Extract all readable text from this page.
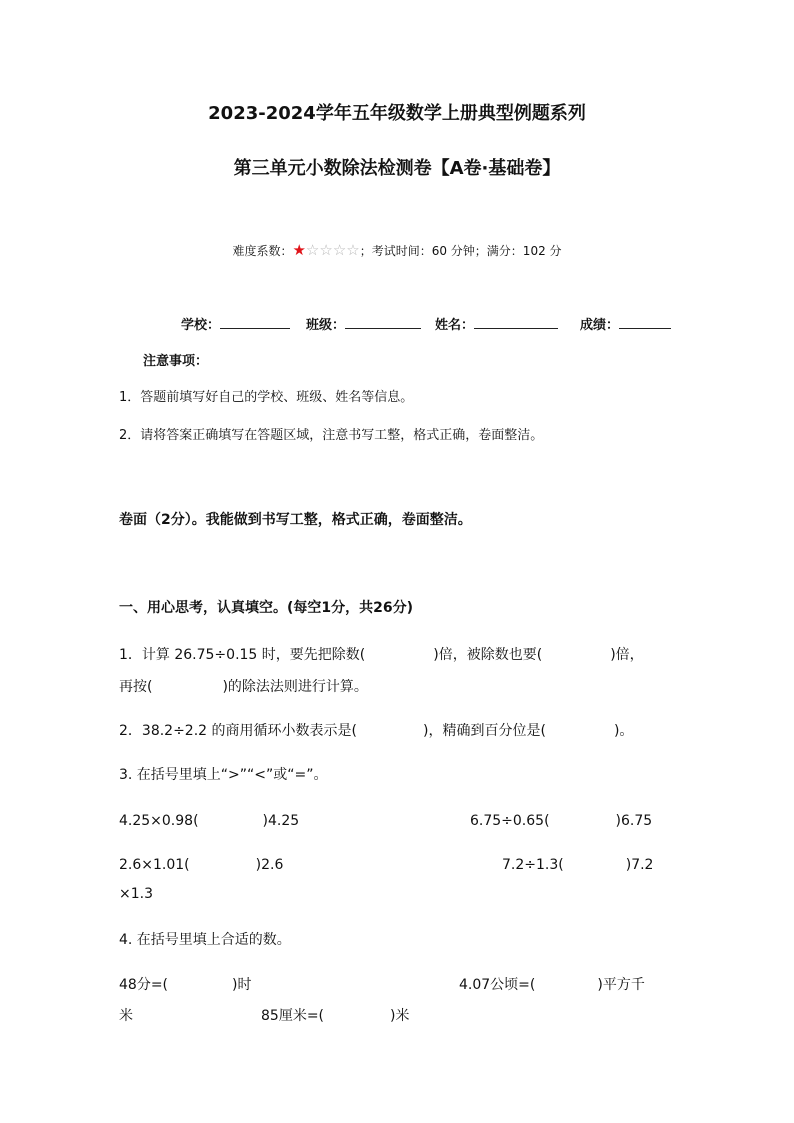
2023-2024学年五年级数学上册典型例题系列
第三单元小数除法检测卷【A卷·基础卷】
难度系数：★☆☆☆☆；考试时间：60 分钟；满分：102 分
学校：	班级：	姓名：	成绩：
注意事项：
1．答题前填写好自己的学校、班级、姓名等信息。
2．请将答案正确填写在答题区域，注意书写工整，格式正确，卷面整洁。
卷面（2分）。我能做到书写工整，格式正确，卷面整洁。
一、用心思考，认真填空。(每空1分，共26分)
1．计算 26.75÷0.15 时，要先把除数(	)倍，被除数也要(	)倍，
再按(	)的除法法则进行计算。
2．38.2÷2.2 的商用循环小数表示是(	)，精确到百分位是(	)。
3. 在括号里填上“>”“<”或“=”。
4.25×0.98(	)4.25	6.75÷0.65(	)6.75
2.6×1.01(	)2.6	7.2÷1.3(	)7.2
×1.3
4. 在括号里填上合适的数。
48分=(	)时	4.07公顷=(	)平方千
米	85厘米=(	)米
